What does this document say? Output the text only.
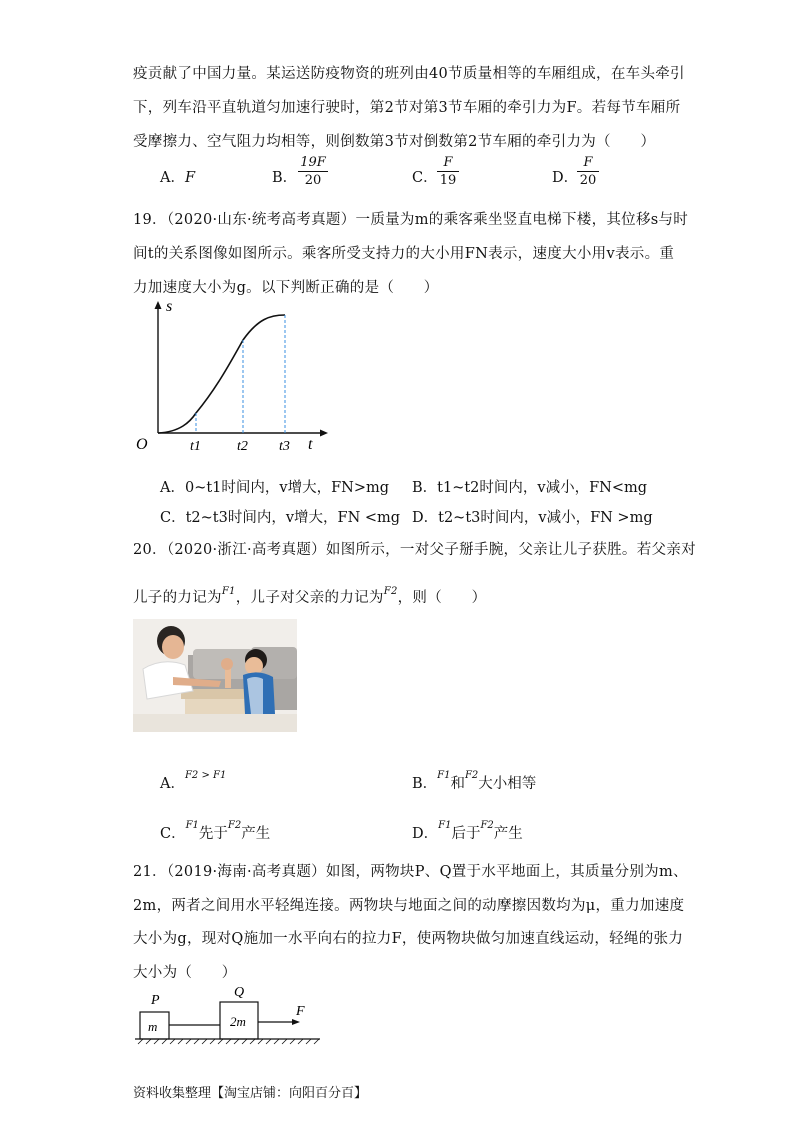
疫贡献了中国力量。某运送防疫物资的班列由40节质量相等的车厢组成，在车头牵引
下，列车沿平直轨道匀加速行驶时，第2节对第3节车厢的牵引力为F。若每节车厢所
受摩擦力、空气阻力均相等，则倒数第3节对倒数第2节车厢的牵引力为（　　）
A．F	B．
19F
20	C．
F
19	D．
F
20
19．（2020·山东·统考高考真题）一质量为m的乘客乘坐竖直电梯下楼，其位移s与时
间t的关系图像如图所示。乘客所受支持力的大小用FN表示，速度大小用v表示。重
力加速度大小为g。以下判断正确的是（　　）
s
t
O	t1	t2 t3
A．0~t1时间内，v增大，FN>mg B．t1~t2时间内，v减小，FN<mg
C．t2~t3时间内，v增大，FN <mg D．t2~t3时间内，v减小，FN >mg
20．（2020·浙江·高考真题）如图所示，一对父子掰手腕，父亲让儿子获胜。若父亲对
儿子的力记为$^{F1}$，儿子对父亲的力记为$^{F2}$，则（　　）
A．$^{F2 > F1}$
B．$^{F1}$和$^{F2}$大小相等
C．$^{F1}$先于$^{F2}$产生	D．$^{F1}$后于$^{F2}$产生
21．（2019·海南·高考真题）如图，两物块P、Q置于水平地面上，其质量分别为m、
2m，两者之间用水平轻绳连接。两物块与地面之间的动摩擦因数均为μ，重力加速度
大小为g，现对Q施加一水平向右的拉力F，使两物块做匀加速直线运动，轻绳的张力
大小为（　　）
P
Q
m	2m
F
资料收集整理【淘宝店铺：向阳百分百】
